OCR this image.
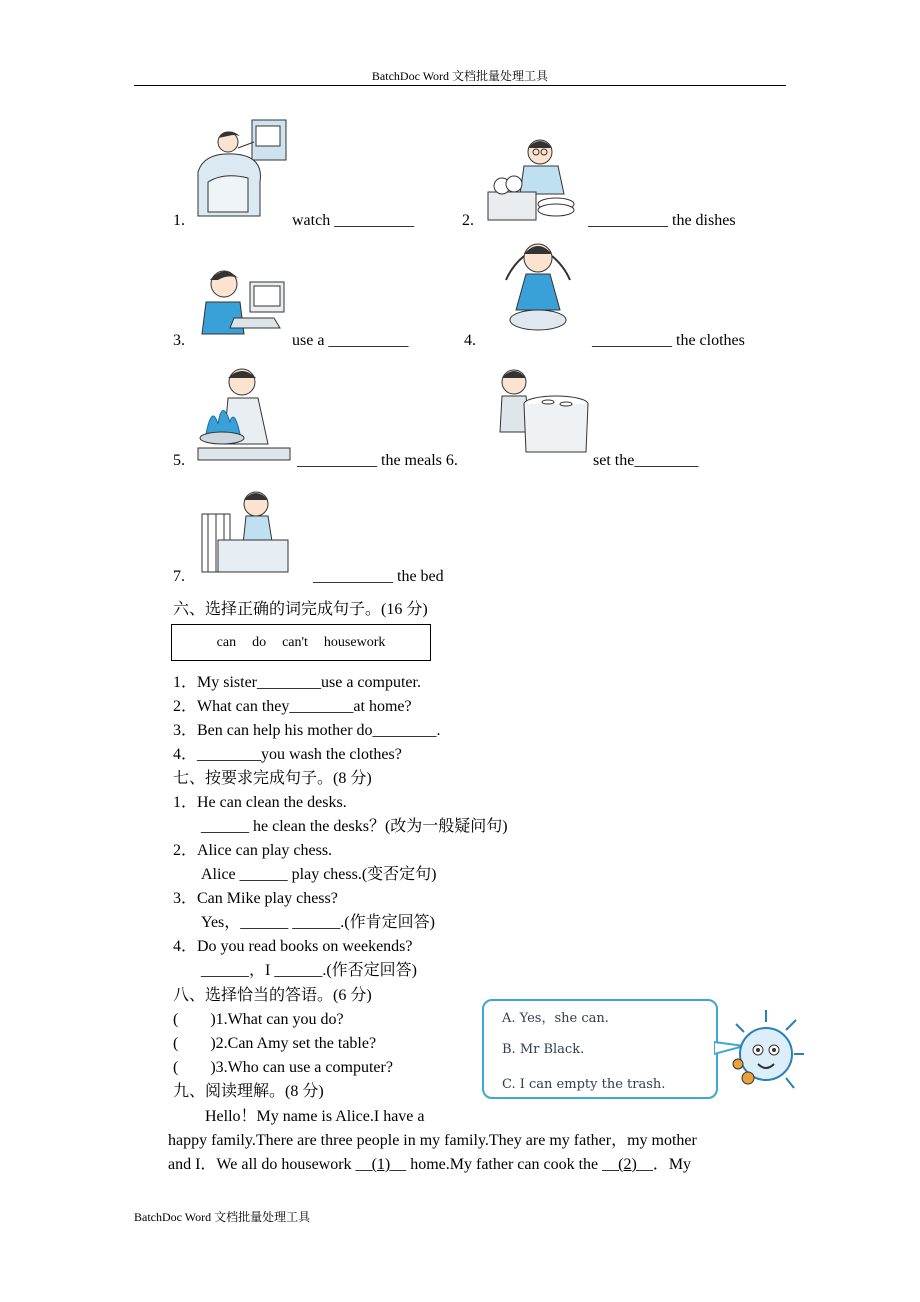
BatchDoc Word 文档批量处理工具
1.	watch __________	2.	__________ the dishes
3.	use a __________	4.	__________ the clothes
5.	__________ the meals 6.	set the________
7.	__________ the bed
六、选择正确的词完成句子。(16 分)
can do can't housework
1．My sister________use a computer.
2．What can they________at home?
3．Ben can help his mother do________.
4．________you wash the clothes?
七、按要求完成句子。(8 分)
1．He can clean the desks.
______ he clean the desks？(改为一般疑问句)
2．Alice can play chess.
Alice ______ play chess.(变否定句)
3．Can Mike play chess?
Yes，______ ______.(作肯定回答)
4．Do you read books on weekends?
______，I ______.(作否定回答)
八、选择恰当的答语。(6 分)
(　　)1.What can you do?
(　　)2.Can Amy set the table?
(　　)3.Who can use a computer?
A. Yes，she can.
B. Mr Black.
C. I can empty the trash.
九、阅读理解。(8 分)
Hello！My name is Alice.I have a
happy family.There are three people in my family.They are my father，my mother
and I．We all do housework __(1)__ home.My father can cook the __(2)__．My
BatchDoc Word 文档批量处理工具
